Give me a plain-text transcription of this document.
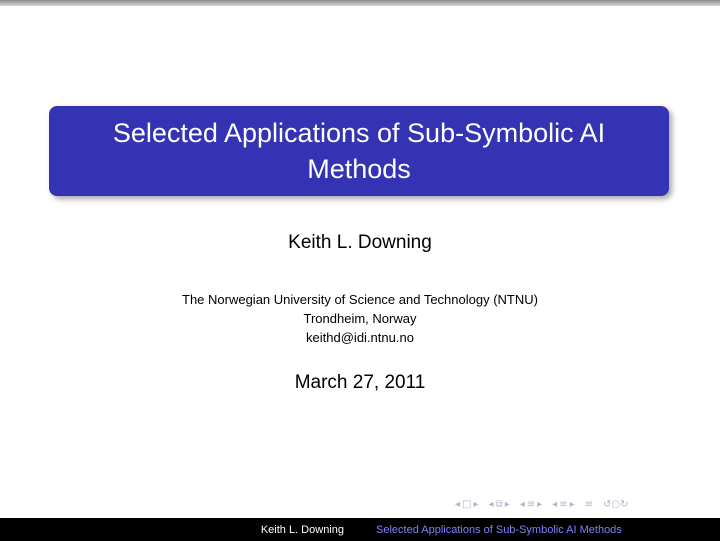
Selected Applications of Sub-Symbolic AI Methods
Keith L. Downing
The Norwegian University of Science and Technology (NTNU)
Trondheim, Norway
keithd@idi.ntnu.no
March 27, 2011
◂ □ ▸ ◂ ⧉ ▸ ◂ ≡ ▸ ◂ ≡ ▸ ≡ ↺○↻
Keith L. Downing	Selected Applications of Sub-Symbolic AI Methods
